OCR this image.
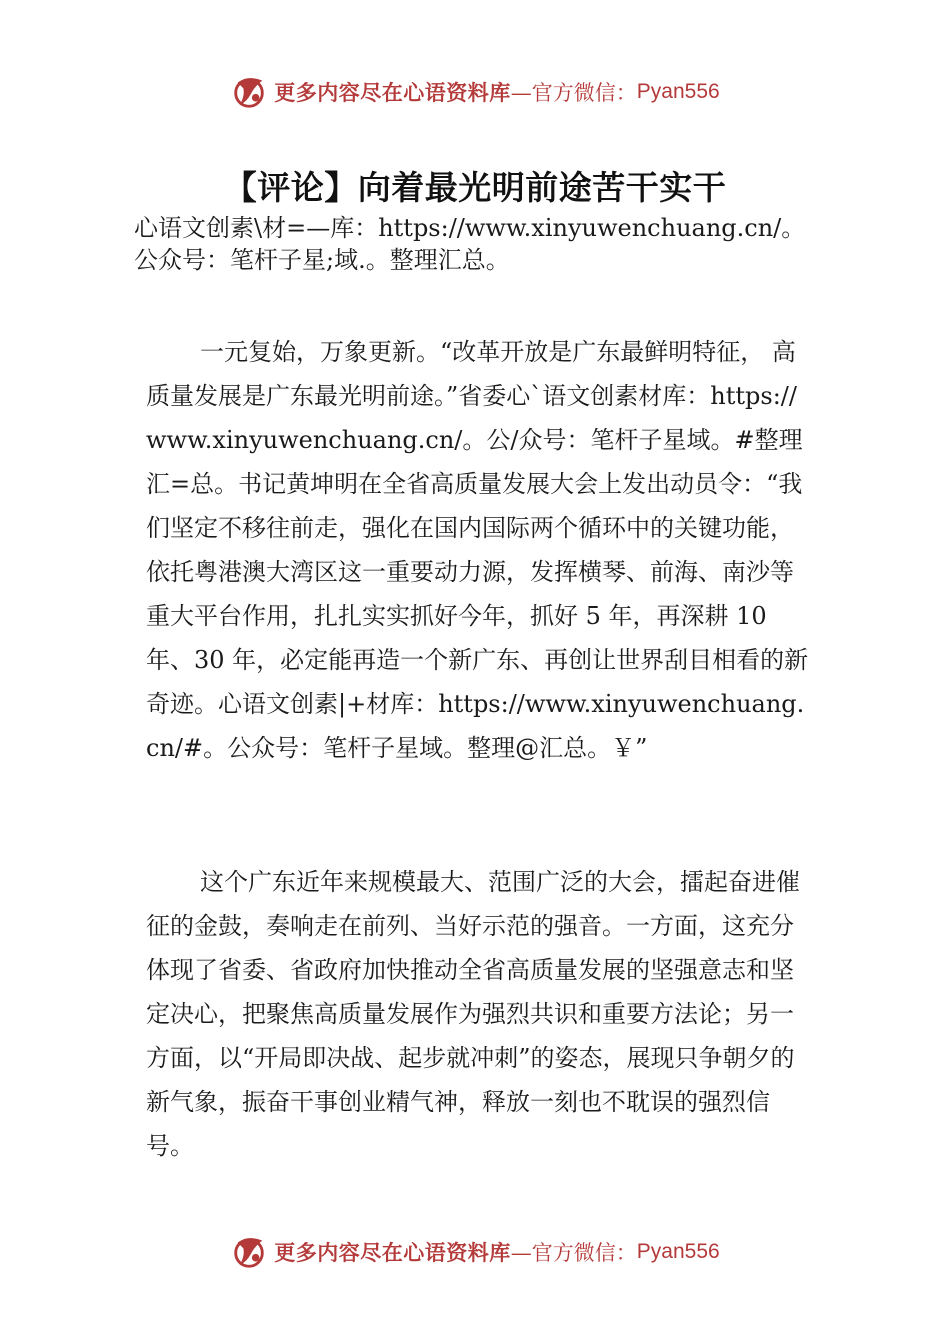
更多内容尽在心语资料库 —官方微信： Pyan556
【评论】向着最光明前途苦干实干

心语文创素\材=—库：https://www.xinyuwenchuang.cn/。公众号：笔杆子星;域.。整理汇总。

一元复始，万象更新。“改革开放是广东最鲜明特征， 高质量发展是广东最光明前途。”省委心`语文创素材库：https://www.xinyuwenchuang.cn/。公/众号：笔杆子星域。#整理汇=总。书记黄坤明在全省高质量发展大会上发出动员令：“我们坚定不移往前走，强化在国内国际两个循环中的关键功能，依托粤港澳大湾区这一重要动力源，发挥横琴、前海、南沙等重大平台作用，扎扎实实抓好今年，抓好 5 年，再深耕 10 年、30 年，必定能再造一个新广东、再创让世界刮目相看的新奇迹。心语文创素|+材库：https://www.xinyuwenchuang.cn/#。公众号：笔杆子星域。整理@汇总。￥”

这个广东近年来规模最大、范围广泛的大会，擂起奋进催征的金鼓，奏响走在前列、当好示范的强音。一方面，这充分体现了省委、省政府加快推动全省高质量发展的坚强意志和坚定决心，把聚焦高质量发展作为强烈共识和重要方法论；另一方面，以“开局即决战、起步就冲刺”的姿态，展现只争朝夕的新气象，振奋干事创业精气神，释放一刻也不耽误的强烈信号。

更多内容尽在心语资料库 —官方微信： Pyan556
